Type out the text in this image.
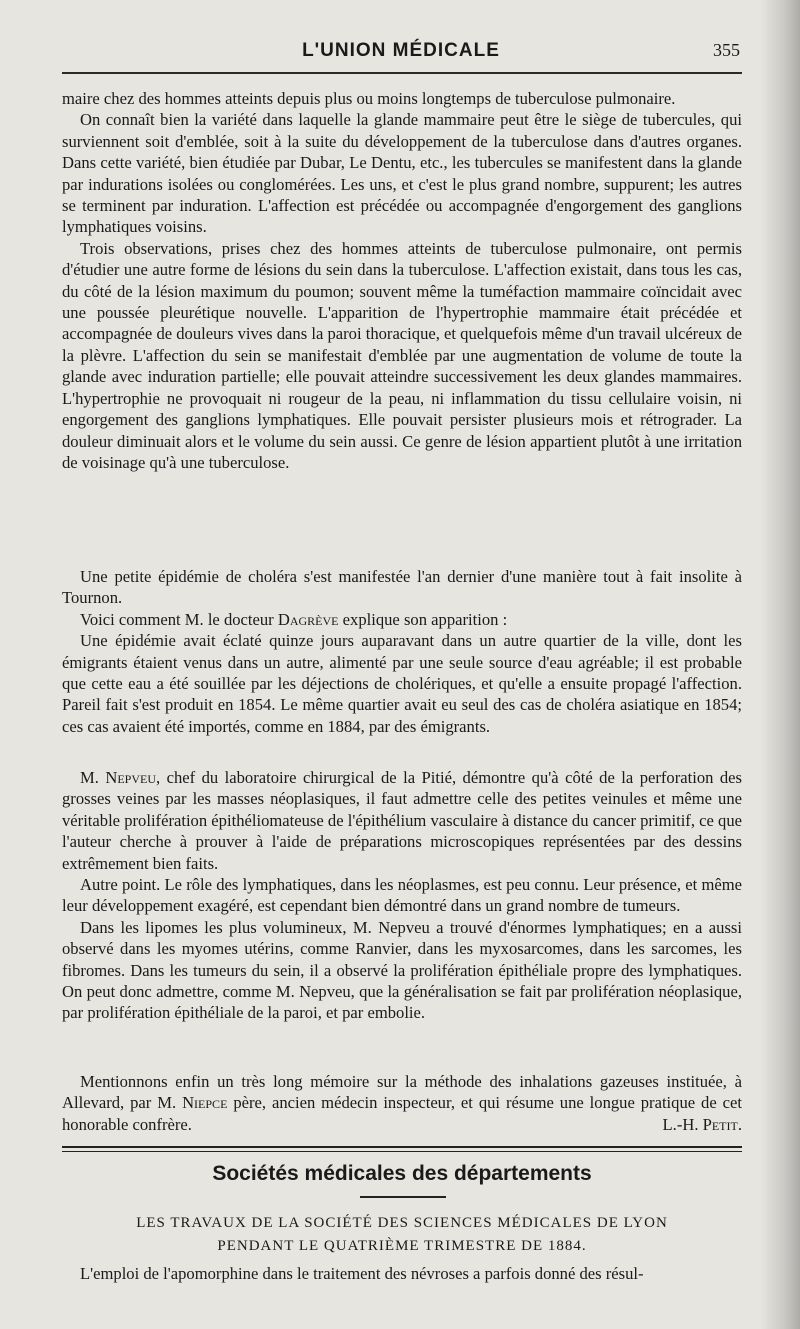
L'UNION MÉDICALE	355

maire chez des hommes atteints depuis plus ou moins longtemps de tuberculose pulmonaire.

On connaît bien la variété dans laquelle la glande mammaire peut être le siège de tubercules, qui surviennent soit d'emblée, soit à la suite du développement de la tuberculose dans d'autres organes. Dans cette variété, bien étudiée par Dubar, Le Dentu, etc., les tubercules se manifestent dans la glande par indurations isolées ou conglomérées. Les uns, et c'est le plus grand nombre, suppurent; les autres se terminent par induration. L'affection est précédée ou accompagnée d'engorgement des ganglions lymphatiques voisins.

Trois observations, prises chez des hommes atteints de tuberculose pulmonaire, ont permis d'étudier une autre forme de lésions du sein dans la tuberculose. L'affection existait, dans tous les cas, du côté de la lésion maximum du poumon; souvent même la tuméfaction mammaire coïncidait avec une poussée pleurétique nouvelle. L'apparition de l'hypertrophie mammaire était précédée et accompagnée de douleurs vives dans la paroi thoracique, et quelquefois même d'un travail ulcéreux de la plèvre. L'affection du sein se manifestait d'emblée par une augmentation de volume de toute la glande avec induration partielle; elle pouvait atteindre successivement les deux glandes mammaires. L'hypertrophie ne provoquait ni rougeur de la peau, ni inflammation du tissu cellulaire voisin, ni engorgement des ganglions lymphatiques. Elle pouvait persister plusieurs mois et rétrograder. La douleur diminuait alors et le volume du sein aussi. Ce genre de lésion appartient plutôt à une irritation de voisinage qu'à une tuberculose.

Une petite épidémie de choléra s'est manifestée l'an dernier d'une manière tout à fait insolite à Tournon.

Voici comment M. le docteur Dagrève explique son apparition :

Une épidémie avait éclaté quinze jours auparavant dans un autre quartier de la ville, dont les émigrants étaient venus dans un autre, alimenté par une seule source d'eau agréable; il est probable que cette eau a été souillée par les déjections de cholériques, et qu'elle a ensuite propagé l'affection. Pareil fait s'est produit en 1854. Le même quartier avait eu seul des cas de choléra asiatique en 1854; ces cas avaient été importés, comme en 1884, par des émigrants.

M. Nepveu, chef du laboratoire chirurgical de la Pitié, démontre qu'à côté de la perforation des grosses veines par les masses néoplasiques, il faut admettre celle des petites veinules et même une véritable prolifération épithéliomateuse de l'épithélium vasculaire à distance du cancer primitif, ce que l'auteur cherche à prouver à l'aide de préparations microscopiques représentées par des dessins extrêmement bien faits.

Autre point. Le rôle des lymphatiques, dans les néoplasmes, est peu connu. Leur présence, et même leur développement exagéré, est cependant bien démontré dans un grand nombre de tumeurs.

Dans les lipomes les plus volumineux, M. Nepveu a trouvé d'énormes lymphatiques; en a aussi observé dans les myomes utérins, comme Ranvier, dans les myxosarcomes, dans les sarcomes, les fibromes. Dans les tumeurs du sein, il a observé la prolifération épithéliale propre des lymphatiques. On peut donc admettre, comme M. Nepveu, que la généralisation se fait par prolifération néoplasique, par prolifération épithéliale de la paroi, et par embolie.

Mentionnons enfin un très long mémoire sur la méthode des inhalations gazeuses instituée, à Allevard, par M. Niepce père, ancien médecin inspecteur, et qui résume une longue pratique de cet honorable confrère.	L.-H. Petit.

Sociétés médicales des départements
LES TRAVAUX DE LA SOCIÉTÉ DES SCIENCES MÉDICALES DE LYON
PENDANT LE QUATRIÈME TRIMESTRE DE 1884.
L'emploi de l'apomorphine dans le traitement des névroses a parfois donné des résul-
